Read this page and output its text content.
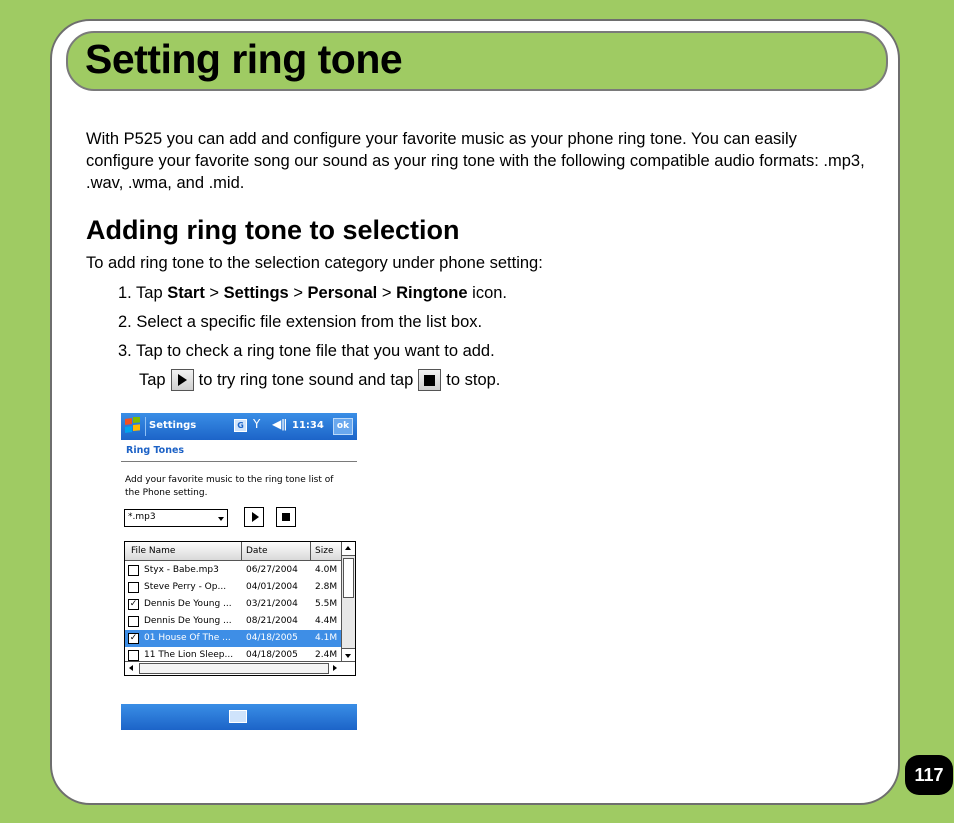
Setting ring tone

With P525 you can add and configure your favorite music as your phone ring tone. You can easily configure your favorite song our sound as your ring tone with the following compatible audio formats: .mp3, .wav, .wma, and .mid.

Adding ring tone to selection
To add ring tone to the selection category under phone setting:
1. Tap Start > Settings > Personal > Ringtone icon.
2. Select a specific file extension from the list box.
3. Tap to check a ring tone file that you want to add.
Tap to try ring tone sound and tap to stop.
Settings	G Y ◀ǁ 11:34	ok
Ring Tones
Add your favorite music to the ring tone list of the Phone setting.
*.mp3
File Name	Date	Size
Styx - Babe.mp3	06/27/2004 4.0M
Steve Perry - Op... 04/01/2004 2.8M
✓ Dennis De Young ... 03/21/2004 5.5M
Dennis De Young ... 08/21/2004 4.4M
✓ 01 House Of The ... 04/18/2005 4.1M
11 The Lion Sleep... 04/18/2005 2.4M
117
